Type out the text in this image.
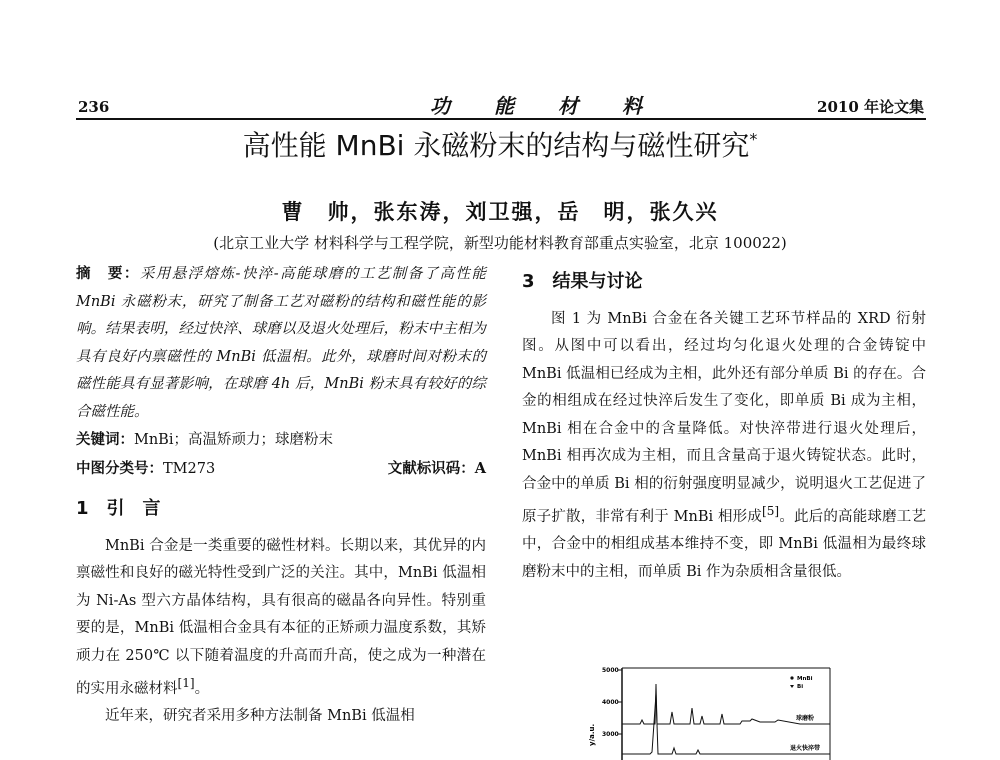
236	功能材料	2010 年论文集
高性能 MnBi 永磁粉末的结构与磁性研究*
曹　帅，张东涛，刘卫强，岳　明，张久兴
(北京工业大学 材料科学与工程学院，新型功能材料教育部重点实验室，北京 100022)

摘　要：采用悬浮熔炼-快淬-高能球磨的工艺制备了高性能 MnBi 永磁粉末，研究了制备工艺对磁粉的结构和磁性能的影响。结果表明，经过快淬、球磨以及退火处理后，粉末中主相为具有良好内禀磁性的 MnBi 低温相。此外，球磨时间对粉末的磁性能具有显著影响，在球磨 4h 后，MnBi 粉末具有较好的综合磁性能。

关键词：MnBi；高温矫顽力；球磨粉末

中图分类号：TM273	文献标识码：A
1　引　言

MnBi 合金是一类重要的磁性材料。长期以来，其优异的内禀磁性和良好的磁光特性受到广泛的关注。其中，MnBi 低温相为 Ni-As 型六方晶体结构，具有很高的磁晶各向异性。特别重要的是，MnBi 低温相合金具有本征的正矫顽力温度系数，其矫顽力在 250℃ 以下随着温度的升高而升高，使之成为一种潜在的实用永磁材料[1]。

近年来，研究者采用多种方法制备 MnBi 低温相

3　结果与讨论

图 1 为 MnBi 合金在各关键工艺环节样品的 XRD 衍射图。从图中可以看出，经过均匀化退火处理的合金铸锭中 MnBi 低温相已经成为主相，此外还有部分单质 Bi 的存在。合金的相组成在经过快淬后发生了变化，即单质 Bi 成为主相，MnBi 相在合金中的含量降低。对快淬带进行退火处理后，MnBi 相再次成为主相，而且含量高于退火铸锭状态。此时，合金中的单质 Bi 相的衍射强度明显减少，说明退火工艺促进了原子扩散，非常有利于 MnBi 相形成[5]。此后的高能球磨工艺中，合金中的相组成基本维持不变，即 MnBi 低温相为最终球磨粉末中的主相，而单质 Bi 作为杂质相含量很低。

5000
4000
3000
y/a.u.
MnBi
Bi
球磨粉
退火快淬带
